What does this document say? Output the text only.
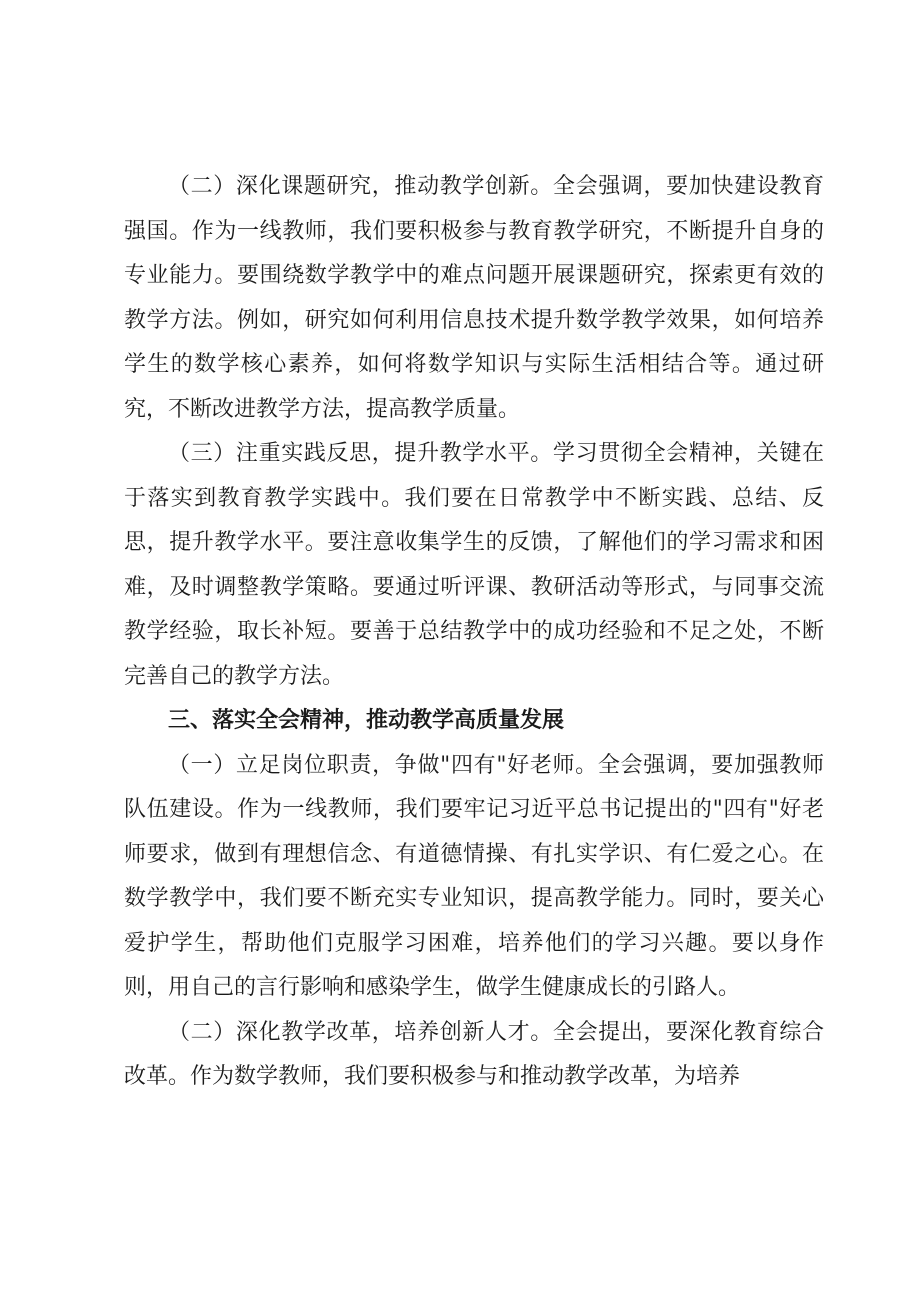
（二）深化课题研究，推动教学创新。全会强调，要加快建设教育强国。作为一线教师，我们要积极参与教育教学研究，不断提升自身的专业能力。要围绕数学教学中的难点问题开展课题研究，探索更有效的教学方法。例如，研究如何利用信息技术提升数学教学效果，如何培养学生的数学核心素养，如何将数学知识与实际生活相结合等。通过研究，不断改进教学方法，提高教学质量。

（三）注重实践反思，提升教学水平。学习贯彻全会精神，关键在于落实到教育教学实践中。我们要在日常教学中不断实践、总结、反思，提升教学水平。要注意收集学生的反馈，了解他们的学习需求和困难，及时调整教学策略。要通过听评课、教研活动等形式，与同事交流教学经验，取长补短。要善于总结教学中的成功经验和不足之处，不断完善自己的教学方法。

三、落实全会精神，推动教学高质量发展

（一）立足岗位职责，争做"四有"好老师。全会强调，要加强教师队伍建设。作为一线教师，我们要牢记习近平总书记提出的"四有"好老师要求，做到有理想信念、有道德情操、有扎实学识、有仁爱之心。在数学教学中，我们要不断充实专业知识，提高教学能力。同时，要关心爱护学生，帮助他们克服学习困难，培养他们的学习兴趣。要以身作则，用自己的言行影响和感染学生，做学生健康成长的引路人。

（二）深化教学改革，培养创新人才。全会提出，要深化教育综合改革。作为数学教师，我们要积极参与和推动教学改革，为培养
